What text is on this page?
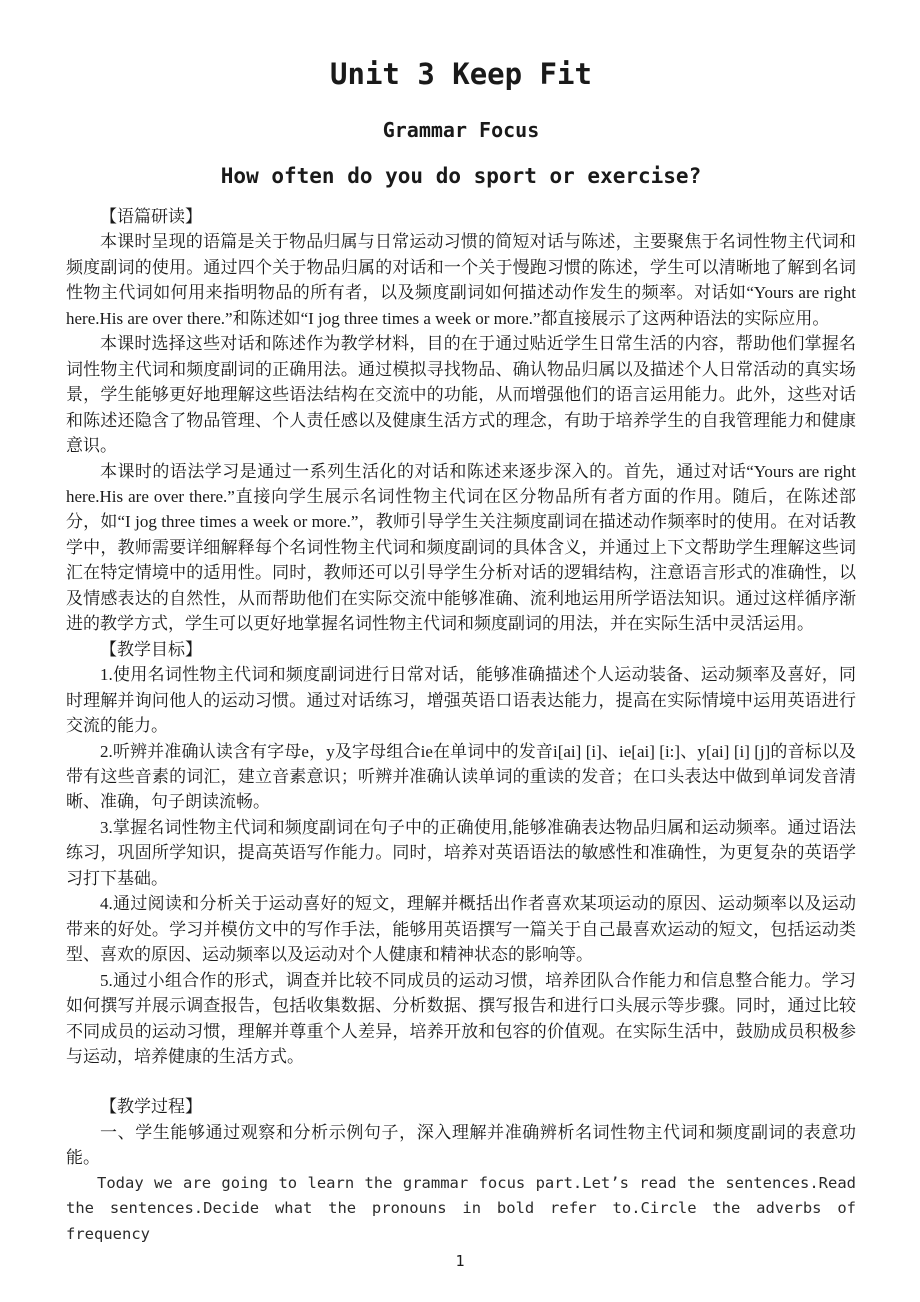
Unit 3 Keep Fit
Grammar Focus
How often do you do sport or exercise?

【语篇研读】

本课时呈现的语篇是关于物品归属与日常运动习惯的简短对话与陈述，主要聚焦于名词性物主代词和频度副词的使用。通过四个关于物品归属的对话和一个关于慢跑习惯的陈述，学生可以清晰地了解到名词性物主代词如何用来指明物品的所有者，以及频度副词如何描述动作发生的频率。对话如“Yours are right here.His are over there.”和陈述如“I jog three times a week or more.”都直接展示了这两种语法的实际应用。

本课时选择这些对话和陈述作为教学材料，目的在于通过贴近学生日常生活的内容，帮助他们掌握名词性物主代词和频度副词的正确用法。通过模拟寻找物品、确认物品归属以及描述个人日常活动的真实场景，学生能够更好地理解这些语法结构在交流中的功能，从而增强他们的语言运用能力。此外，这些对话和陈述还隐含了物品管理、个人责任感以及健康生活方式的理念，有助于培养学生的自我管理能力和健康意识。

本课时的语法学习是通过一系列生活化的对话和陈述来逐步深入的。首先，通过对话“Yours are right here.His are over there.”直接向学生展示名词性物主代词在区分物品所有者方面的作用。随后，在陈述部分，如“I jog three times a week or more.”，教师引导学生关注频度副词在描述动作频率时的使用。在对话教学中，教师需要详细解释每个名词性物主代词和频度副词的具体含义，并通过上下文帮助学生理解这些词汇在特定情境中的适用性。同时，教师还可以引导学生分析对话的逻辑结构，注意语言形式的准确性，以及情感表达的自然性，从而帮助他们在实际交流中能够准确、流利地运用所学语法知识。通过这样循序渐进的教学方式，学生可以更好地掌握名词性物主代词和频度副词的用法，并在实际生活中灵活运用。

【教学目标】

1.使用名词性物主代词和频度副词进行日常对话，能够准确描述个人运动装备、运动频率及喜好，同时理解并询问他人的运动习惯。通过对话练习，增强英语口语表达能力，提高在实际情境中运用英语进行交流的能力。

2.听辨并准确认读含有字母e，y及字母组合ie在单词中的发音i[ai] [i]、ie[ai] [i:]、y[ai] [i] [j]的音标以及带有这些音素的词汇，建立音素意识；听辨并准确认读单词的重读的发音；在口头表达中做到单词发音清晰、准确，句子朗读流畅。

3.掌握名词性物主代词和频度副词在句子中的正确使用,能够准确表达物品归属和运动频率。通过语法练习，巩固所学知识，提高英语写作能力。同时，培养对英语语法的敏感性和准确性，为更复杂的英语学习打下基础。

4.通过阅读和分析关于运动喜好的短文，理解并概括出作者喜欢某项运动的原因、运动频率以及运动带来的好处。学习并模仿文中的写作手法，能够用英语撰写一篇关于自己最喜欢运动的短文，包括运动类型、喜欢的原因、运动频率以及运动对个人健康和精神状态的影响等。

5.通过小组合作的形式，调查并比较不同成员的运动习惯，培养团队合作能力和信息整合能力。学习如何撰写并展示调查报告，包括收集数据、分析数据、撰写报告和进行口头展示等步骤。同时，通过比较不同成员的运动习惯，理解并尊重个人差异，培养开放和包容的价值观。在实际生活中，鼓励成员积极参与运动，培养健康的生活方式。

【教学过程】

一、学生能够通过观察和分析示例句子，深入理解并准确辨析名词性物主代词和频度副词的表意功能。

Today we are going to learn the grammar focus part.Let’s read the sentences.Read the sentences.Decide what the pronouns in bold refer to.Circle the adverbs of frequency

1
